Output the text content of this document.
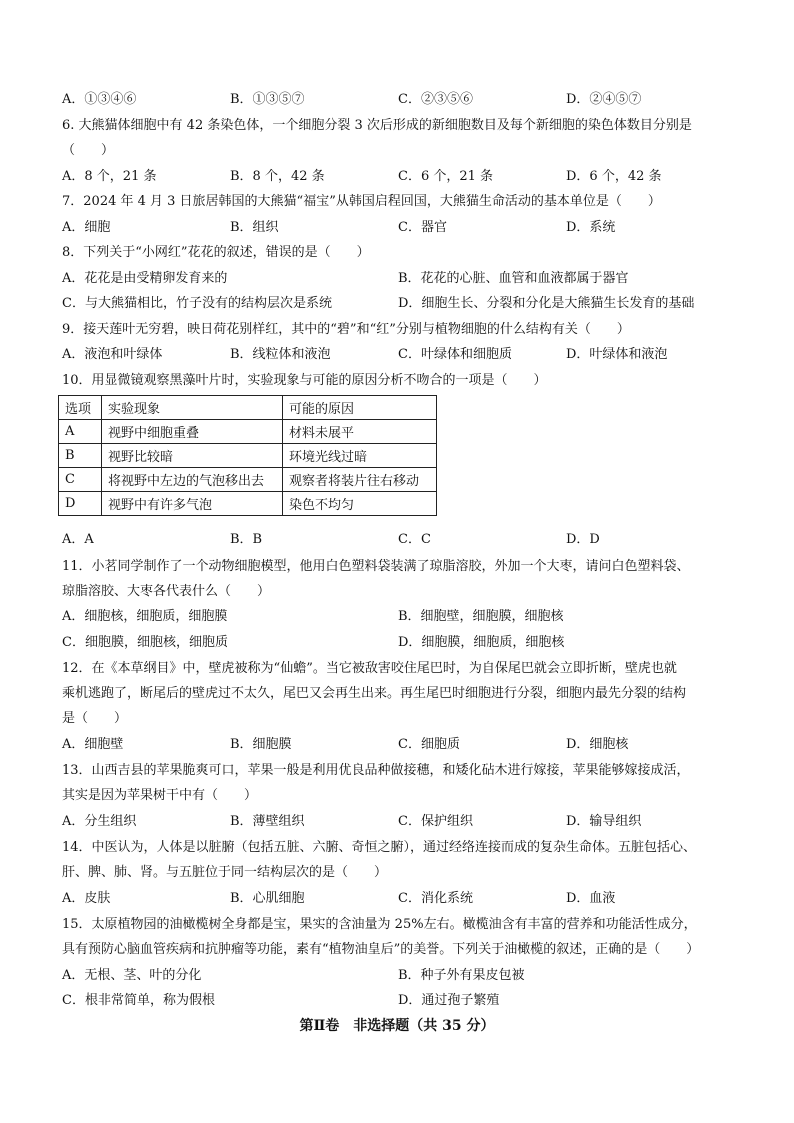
A．①③④⑥	B．①③⑤⑦	C．②③⑤⑥	D．②④⑤⑦
6. 大熊猫体细胞中有 42 条染色体，一个细胞分裂 3 次后形成的新细胞数目及每个新细胞的染色体数目分别是
（　　）
A．8 个，21 条	B．8 个，42 条	C．6 个，21 条	D．6 个，42 条
7．2024 年 4 月 3 日旅居韩国的大熊猫“福宝”从韩国启程回国，大熊猫生命活动的基本单位是（　　）
A．细胞	B．组织	C．器官	D．系统
8．下列关于“小网红”花花的叙述，错误的是（　　）
A．花花是由受精卵发育来的	B．花花的心脏、血管和血液都属于器官
C．与大熊猫相比，竹子没有的结构层次是系统	D．细胞生长、分裂和分化是大熊猫生长发育的基础
9．接天莲叶无穷碧，映日荷花别样红，其中的“碧”和“红”分别与植物细胞的什么结构有关（　　）
A．液泡和叶绿体	B．线粒体和液泡	C．叶绿体和细胞质	D．叶绿体和液泡
10．用显微镜观察黑藻叶片时，实验现象与可能的原因分析不吻合的一项是（　　）
选项	实验现象	可能的原因
A	视野中细胞重叠	材料未展平
B	视野比较暗	环境光线过暗
C	将视野中左边的气泡移出去	观察者将装片往右移动
D	视野中有许多气泡	染色不均匀
A．A	B．B	C．C	D．D
11．小茗同学制作了一个动物细胞模型，他用白色塑料袋装满了琼脂溶胶，外加一个大枣，请问白色塑料袋、
琼脂溶胶、大枣各代表什么（　　）
A．细胞核，细胞质，细胞膜	B．细胞壁，细胞膜，细胞核
C．细胞膜，细胞核，细胞质	D．细胞膜，细胞质，细胞核
12．在《本草纲目》中，壁虎被称为“仙蟾”。当它被敌害咬住尾巴时，为自保尾巴就会立即折断，壁虎也就
乘机逃跑了，断尾后的壁虎过不太久，尾巴又会再生出来。再生尾巴时细胞进行分裂，细胞内最先分裂的结构
是（　　）
A．细胞壁	B．细胞膜	C．细胞质	D．细胞核
13．山西吉县的苹果脆爽可口，苹果一般是利用优良品种做接穗，和矮化砧木进行嫁接，苹果能够嫁接成活，
其实是因为苹果树干中有（　　）
A．分生组织	B．薄壁组织	C．保护组织	D．输导组织
14．中医认为，人体是以脏腑（包括五脏、六腑、奇恒之腑），通过经络连接而成的复杂生命体。五脏包括心、
肝、脾、肺、肾。与五脏位于同一结构层次的是（　　）
A．皮肤	B．心肌细胞	C．消化系统	D．血液
15．太原植物园的油橄榄树全身都是宝，果实的含油量为 25%左右。橄榄油含有丰富的营养和功能活性成分，
具有预防心脑血管疾病和抗肿瘤等功能，素有“植物油皇后”的美誉。下列关于油橄榄的叙述，正确的是（　　）
A．无根、茎、叶的分化	B．种子外有果皮包被
C．根非常简单，称为假根	D．通过孢子繁殖
第Ⅱ卷　非选择题（共 35 分）
